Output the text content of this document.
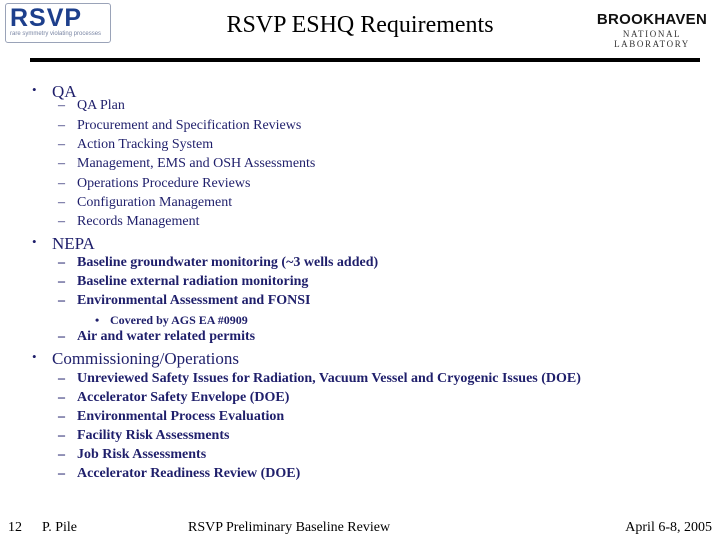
RSVP
rare symmetry violating processes	RSVP ESHQ Requirements	BROOKHAVEN
NATIONAL LABORATORY
• QA
– QA Plan
– Procurement and Specification Reviews
– Action Tracking System
– Management, EMS and OSH Assessments
– Operations Procedure Reviews
– Configuration Management
– Records Management
• NEPA
– Baseline groundwater monitoring (~3 wells added)
– Baseline external radiation monitoring
– Environmental Assessment and FONSI
• Covered by AGS EA #0909
– Air and water related permits
• Commissioning/Operations
– Unreviewed Safety Issues for Radiation, Vacuum Vessel and Cryogenic Issues (DOE)
– Accelerator Safety Envelope (DOE)
– Environmental Process Evaluation
– Facility Risk Assessments
– Job Risk Assessments
– Accelerator Readiness Review (DOE)
12 P. Pile	RSVP Preliminary Baseline Review	April 6-8, 2005
